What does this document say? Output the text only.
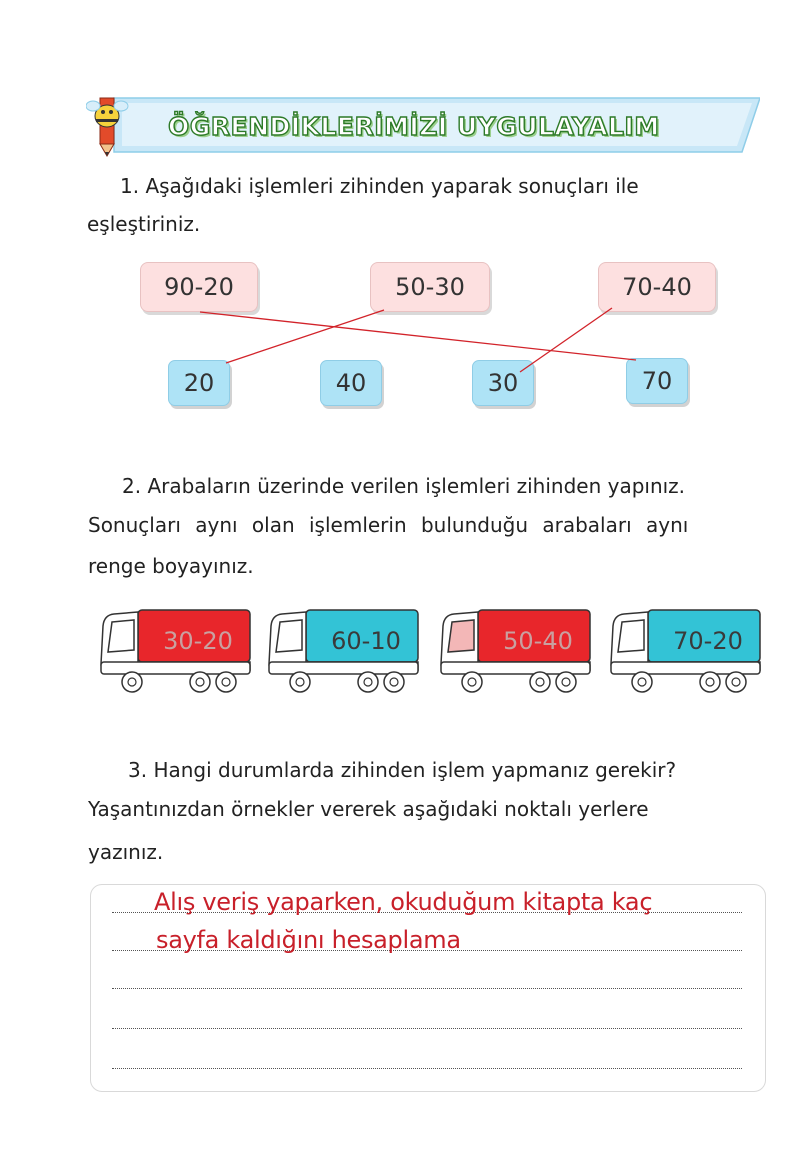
ÖĞRENDİKLERİMİZİ UYGULAYALIM
1. Aşağıdaki işlemleri zihinden yaparak sonuçları ile
eşleştiriniz.
90-20	50-30	70-40
20	40	30	70
2. Arabaların üzerinde verilen işlemleri zihinden yapınız.
Sonuçları aynı olan işlemlerin bulunduğu arabaları aynı
renge boyayınız.
30-20	60-10	50-40	70-20
3. Hangi durumlarda zihinden işlem yapmanız gerekir?
Yaşantınızdan örnekler vererek aşağıdaki noktalı yerlere
yazınız.
Alış veriş yaparken, okuduğum kitapta kaç
sayfa kaldığını hesaplama
